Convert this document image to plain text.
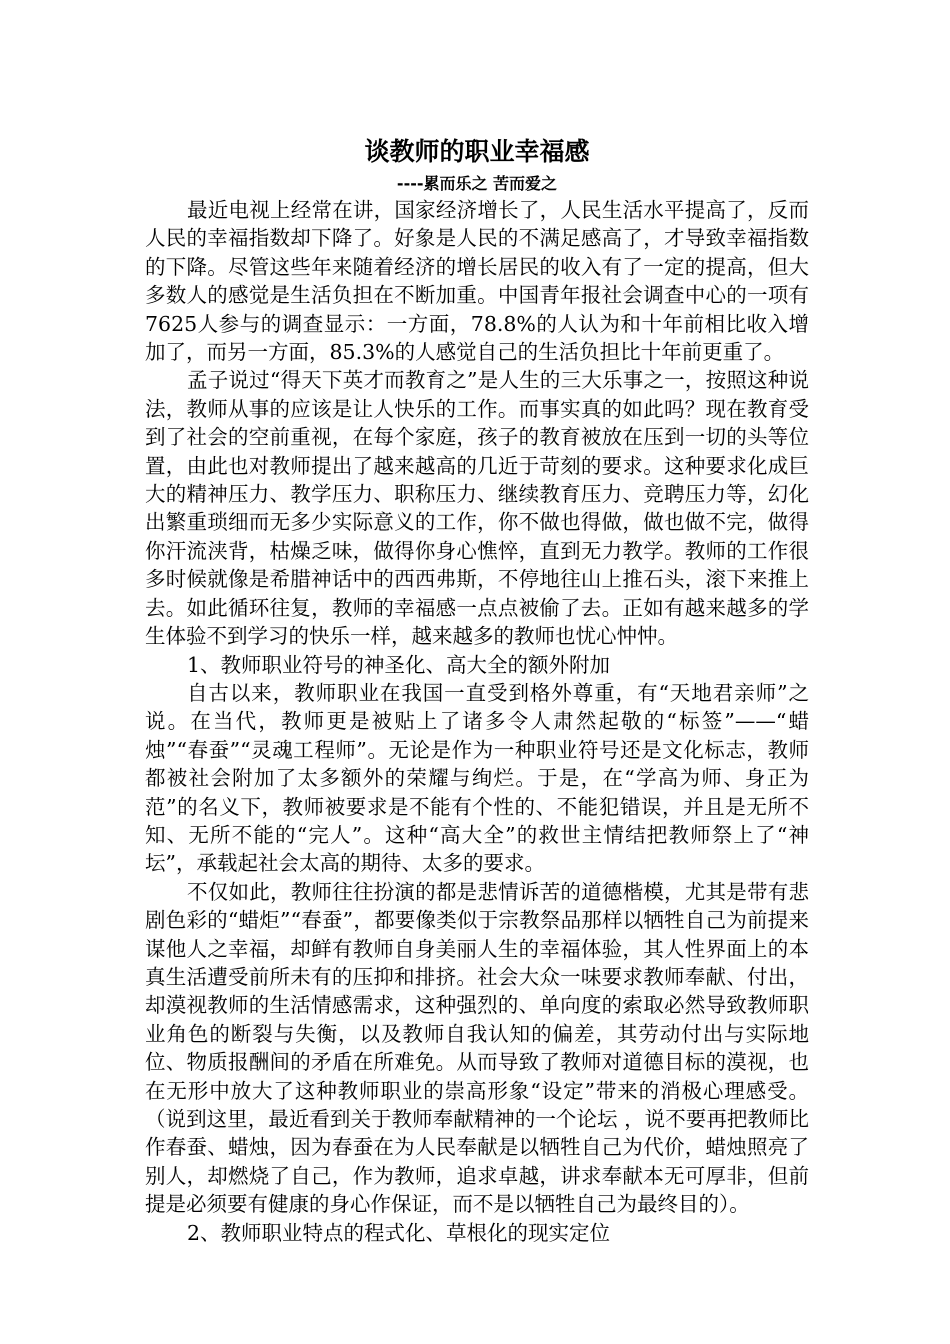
谈教师的职业幸福感
----累而乐之 苦而爱之

最近电视上经常在讲，国家经济增长了，人民生活水平提高了，反而人民的幸福指数却下降了。好象是人民的不满足感高了，才导致幸福指数的下降。尽管这些年来随着经济的增长居民的收入有了一定的提高，但大多数人的感觉是生活负担在不断加重。中国青年报社会调查中心的一项有7625人参与的调查显示：一方面，78.8%的人认为和十年前相比收入增加了，而另一方面，85.3%的人感觉自己的生活负担比十年前更重了。

孟子说过“得天下英才而教育之”是人生的三大乐事之一，按照这种说法，教师从事的应该是让人快乐的工作。而事实真的如此吗？现在教育受到了社会的空前重视，在每个家庭，孩子的教育被放在压到一切的头等位置，由此也对教师提出了越来越高的几近于苛刻的要求。这种要求化成巨大的精神压力、教学压力、职称压力、继续教育压力、竞聘压力等，幻化出繁重琐细而无多少实际意义的工作，你不做也得做，做也做不完，做得你汗流浃背，枯燥乏味，做得你身心憔悴，直到无力教学。教师的工作很多时候就像是希腊神话中的西西弗斯，不停地往山上推石头，滚下来推上去。如此循环往复，教师的幸福感一点点被偷了去。正如有越来越多的学生体验不到学习的快乐一样，越来越多的教师也忧心忡忡。

1、教师职业符号的神圣化、高大全的额外附加

自古以来，教师职业在我国一直受到格外尊重，有“天地君亲师”之说。在当代，教师更是被贴上了诸多令人肃然起敬的“标签”——“蜡烛”“春蚕”“灵魂工程师”。无论是作为一种职业符号还是文化标志，教师都被社会附加了太多额外的荣耀与绚烂。于是，在“学高为师、身正为范”的名义下，教师被要求是不能有个性的、不能犯错误，并且是无所不知、无所不能的“完人”。这种“高大全”的救世主情结把教师祭上了“神坛”，承载起社会太高的期待、太多的要求。

不仅如此，教师往往扮演的都是悲情诉苦的道德楷模，尤其是带有悲剧色彩的“蜡炬”“春蚕”，都要像类似于宗教祭品那样以牺牲自己为前提来谋他人之幸福，却鲜有教师自身美丽人生的幸福体验，其人性界面上的本真生活遭受前所未有的压抑和排挤。社会大众一味要求教师奉献、付出，却漠视教师的生活情感需求，这种强烈的、单向度的索取必然导致教师职业角色的断裂与失衡，以及教师自我认知的偏差，其劳动付出与实际地位、物质报酬间的矛盾在所难免。从而导致了教师对道德目标的漠视，也在无形中放大了这种教师职业的崇高形象“设定”带来的消极心理感受。（说到这里，最近看到关于教师奉献精神的一个论坛 ，说不要再把教师比作春蚕、蜡烛，因为春蚕在为人民奉献是以牺牲自己为代价，蜡烛照亮了别人，却燃烧了自己，作为教师，追求卓越，讲求奉献本无可厚非，但前提是必须要有健康的身心作保证，而不是以牺牲自己为最终目的）。

2、教师职业特点的程式化、草根化的现实定位
